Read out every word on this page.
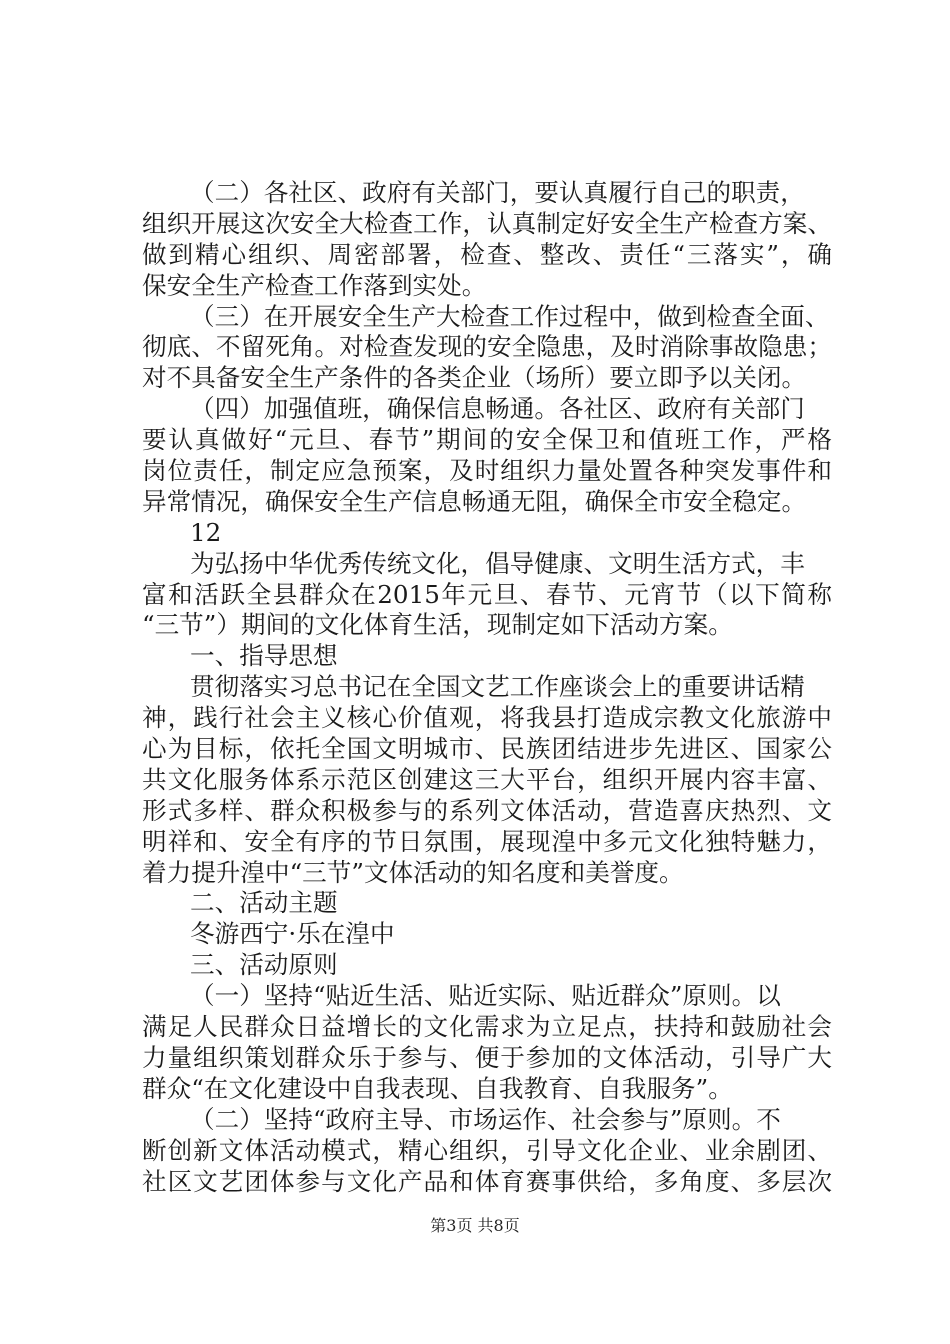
（二）各社区、政府有关部门，要认真履行自己的职责，
组织开展这次安全大检查工作，认真制定好安全生产检查方案、
做到精心组织、周密部署，检查、整改、责任“三落实”，确
保安全生产检查工作落到实处。
（三）在开展安全生产大检查工作过程中，做到检查全面、
彻底、不留死角。对检查发现的安全隐患，及时消除事故隐患；
对不具备安全生产条件的各类企业（场所）要立即予以关闭。
（四）加强值班，确保信息畅通。各社区、政府有关部门
要认真做好“元旦、春节”期间的安全保卫和值班工作，严格
岗位责任，制定应急预案，及时组织力量处置各种突发事件和
异常情况，确保安全生产信息畅通无阻，确保全市安全稳定。
12
为弘扬中华优秀传统文化，倡导健康、文明生活方式，丰
富和活跃全县群众在2015年元旦、春节、元宵节（以下简称
“三节”）期间的文化体育生活，现制定如下活动方案。
一、指导思想
贯彻落实习总书记在全国文艺工作座谈会上的重要讲话精
神，践行社会主义核心价值观，将我县打造成宗教文化旅游中
心为目标，依托全国文明城市、民族团结进步先进区、国家公
共文化服务体系示范区创建这三大平台，组织开展内容丰富、
形式多样、群众积极参与的系列文体活动，营造喜庆热烈、文
明祥和、安全有序的节日氛围，展现湟中多元文化独特魅力，
着力提升湟中“三节”文体活动的知名度和美誉度。
二、活动主题
冬游西宁·乐在湟中
三、活动原则
（一）坚持“贴近生活、贴近实际、贴近群众”原则。以
满足人民群众日益增长的文化需求为立足点，扶持和鼓励社会
力量组织策划群众乐于参与、便于参加的文体活动，引导广大
群众“在文化建设中自我表现、自我教育、自我服务”。
（二）坚持“政府主导、市场运作、社会参与”原则。不
断创新文体活动模式，精心组织，引导文化企业、业余剧团、
社区文艺团体参与文化产品和体育赛事供给，多角度、多层次
第3页 共8页
